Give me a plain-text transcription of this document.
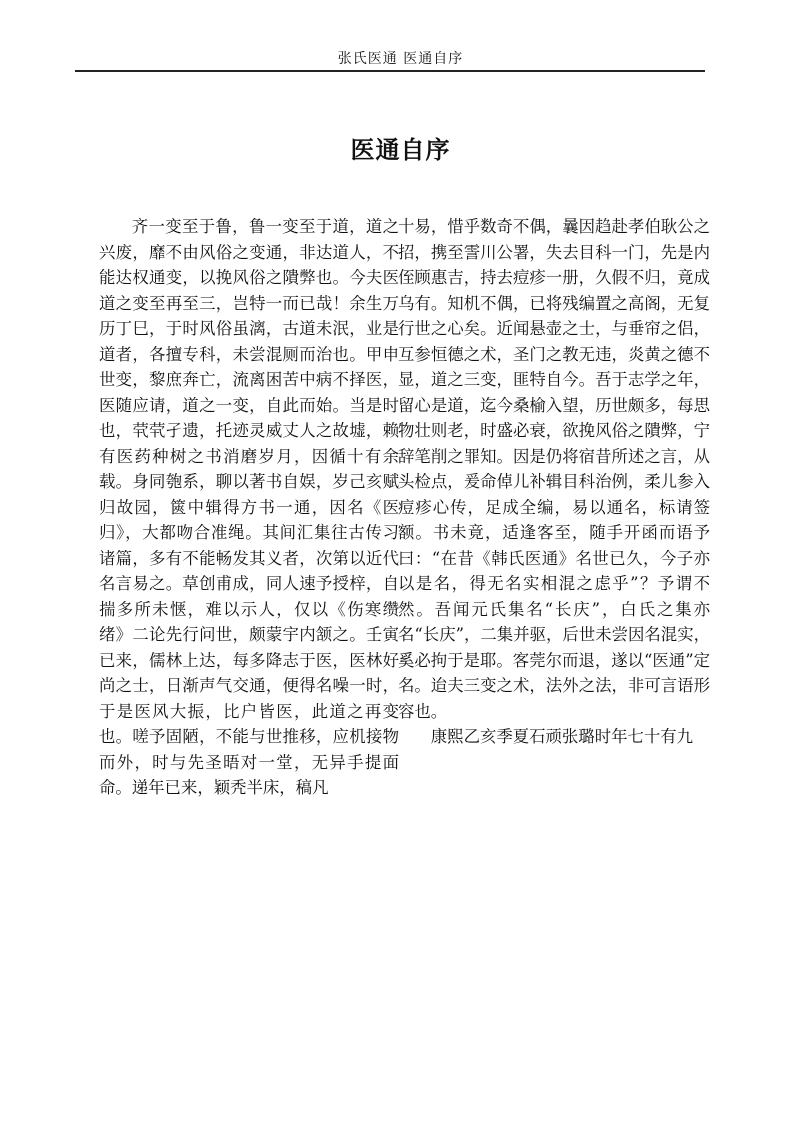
张氏医通 医通自序
医通自序

齐一变至于鲁，鲁一变至于道，道之兴废，靡不由风俗之变通，非达道人，不能达权通变，以挽风俗之隤弊也。今夫医道之变至再至三，岂特一而已哉！余生万历丁巳，于时风俗虽漓，古道未泯，业是道者，各擅专科，未尝混厕而治也。甲申世变，黎庶奔亡，流离困苦中病不择医，医随应请，道之一变，自此而始。当是时也，茕茕孑遗，托迹灵威丈人之故墟，赖有医药种树之书消磨岁月，因循十有余载。身同匏系，聊以著书自娱，岁己亥赋归故园，篋中辑得方书一通，因名《医归》，大都吻合准绳。其间汇集往古传习诸篇，多有不能畅发其义者，次第以近代名言易之。草创甫成，同人速予授梓，自揣多所未惬，难以示人，仅以《伤寒缵绪》二论先行问世，颇蒙宇内颔之。壬寅已来，儒林上达，每多降志于医，医林好尚之士，日渐声气交通，便得名噪一时，于是医风大振，比户皆医，此道之再变也。嗟予固陋，不能与世推移，应机接物而外，时与先圣晤对一堂，无异手提面命。递年已来，颖秃半床，稿凡

十易，惜乎数奇不偶，曩因趋赴孝伯耿公之招，携至霅川公署，失去目科一门，先是内侄顾惠吉，持去痘疹一册，久假不归，竟成乌有。知机不偶，已将残编置之高阁，无复行世之心矣。近闻悬壶之士，与垂帘之侣，互参恒德之术，圣门之教无违，炎黄之德不显，道之三变，匪特自今。吾于志学之年，留心是道，迄今桑榆入望，历世颇多，每思物壮则老，时盛必衰，欲挽风俗之隤弊，宁辞笔削之罪知。因是仍将宿昔所述之言，从头检点，爰命倬儿补辑目科治例，柔儿参入痘疹心传，足成全编，易以通名，标请签额。书未竟，适逢客至，随手开函而语予曰：“在昔《韩氏医通》名世已久，今子亦以是名，得无名实相混之虑乎”？予谓不然。吾闻元氏集名“长庆”，白氏之集亦名“长庆”，二集并驱，后世未尝因名混实，奚必拘于是耶。客莞尔而退，遂以“医通”定名。迨夫三变之术，法外之法，非可言语形容也。

康熙乙亥季夏石顽张璐时年七十有九
